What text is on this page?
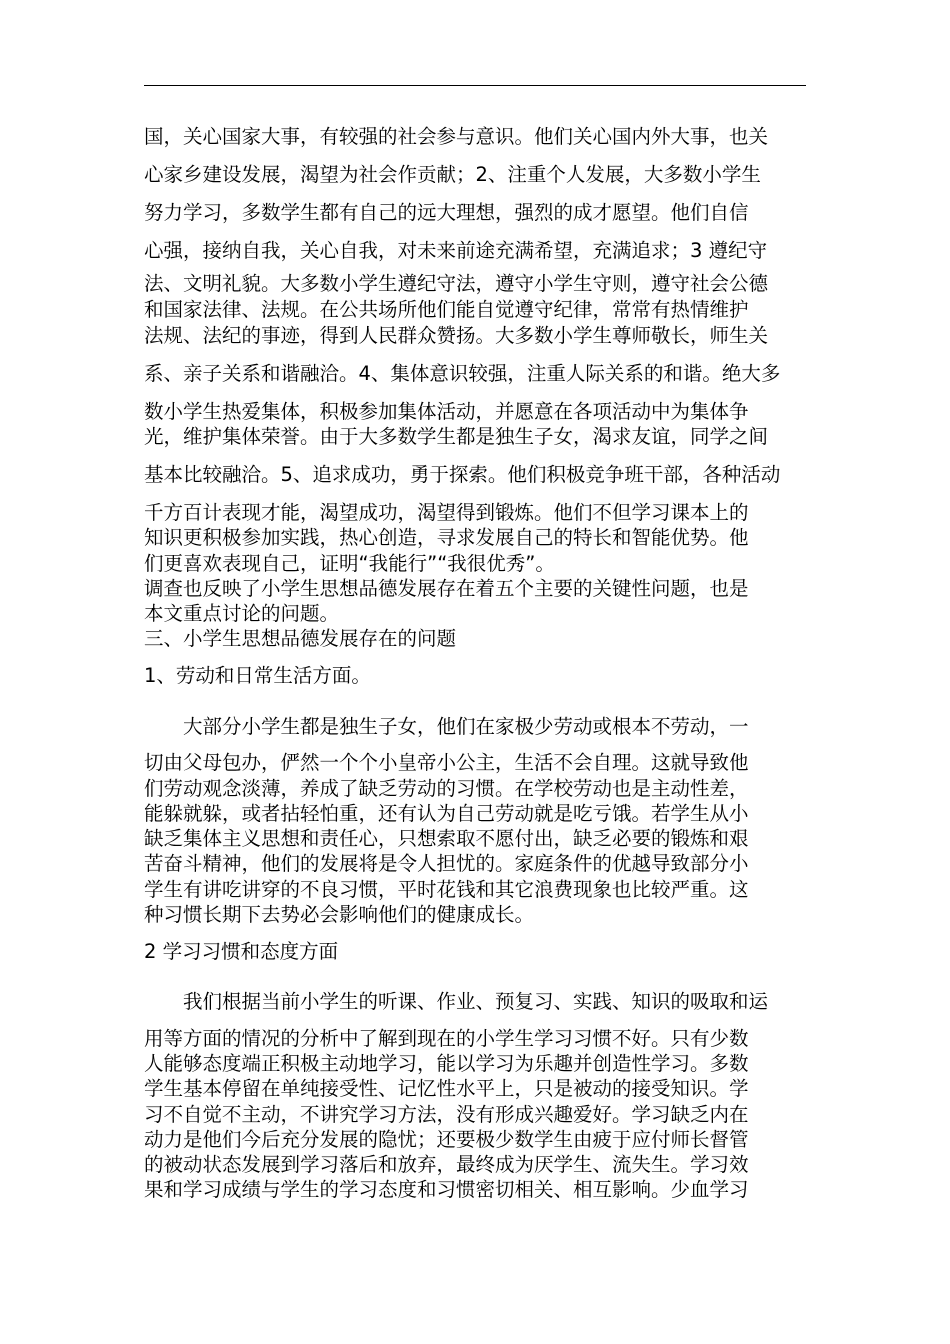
国，关心国家大事，有较强的社会参与意识。他们关心国内外大事，也关
心家乡建设发展，渴望为社会作贡献；2、注重个人发展，大多数小学生
努力学习，多数学生都有自己的远大理想，强烈的成才愿望。他们自信
心强，接纳自我，关心自我，对未来前途充满希望，充满追求；3 遵纪守
法、文明礼貌。大多数小学生遵纪守法，遵守小学生守则，遵守社会公德
和国家法律、法规。在公共场所他们能自觉遵守纪律，常常有热情维护
法规、法纪的事迹，得到人民群众赞扬。大多数小学生尊师敬长，师生关
系、亲子关系和谐融洽。4、集体意识较强，注重人际关系的和谐。绝大多
数小学生热爱集体，积极参加集体活动，并愿意在各项活动中为集体争
光，维护集体荣誉。由于大多数学生都是独生子女，渴求友谊，同学之间
基本比较融洽。5、追求成功，勇于探索。他们积极竞争班干部，各种活动
千方百计表现才能，渴望成功，渴望得到锻炼。他们不但学习课本上的
知识更积极参加实践，热心创造，寻求发展自己的特长和智能优势。他
们更喜欢表现自己，证明“我能行”“我很优秀”。
调查也反映了小学生思想品德发展存在着五个主要的关键性问题，也是
本文重点讨论的问题。
三、小学生思想品德发展存在的问题
1、劳动和日常生活方面。
大部分小学生都是独生子女，他们在家极少劳动或根本不劳动，一
切由父母包办，俨然一个个小皇帝小公主，生活不会自理。这就导致他
们劳动观念淡薄，养成了缺乏劳动的习惯。在学校劳动也是主动性差，
能躲就躲，或者拈轻怕重，还有认为自己劳动就是吃亏饿。若学生从小
缺乏集体主义思想和责任心，只想索取不愿付出，缺乏必要的锻炼和艰
苦奋斗精神，他们的发展将是令人担忧的。家庭条件的优越导致部分小
学生有讲吃讲穿的不良习惯，平时花钱和其它浪费现象也比较严重。这
种习惯长期下去势必会影响他们的健康成长。
2 学习习惯和态度方面
我们根据当前小学生的听课、作业、预复习、实践、知识的吸取和运
用等方面的情况的分析中了解到现在的小学生学习习惯不好。只有少数
人能够态度端正积极主动地学习，能以学习为乐趣并创造性学习。多数
学生基本停留在单纯接受性、记忆性水平上，只是被动的接受知识。学
习不自觉不主动，不讲究学习方法，没有形成兴趣爱好。学习缺乏内在
动力是他们今后充分发展的隐忧；还要极少数学生由疲于应付师长督管
的被动状态发展到学习落后和放弃，最终成为厌学生、流失生。学习效
果和学习成绩与学生的学习态度和习惯密切相关、相互影响。少血学习
